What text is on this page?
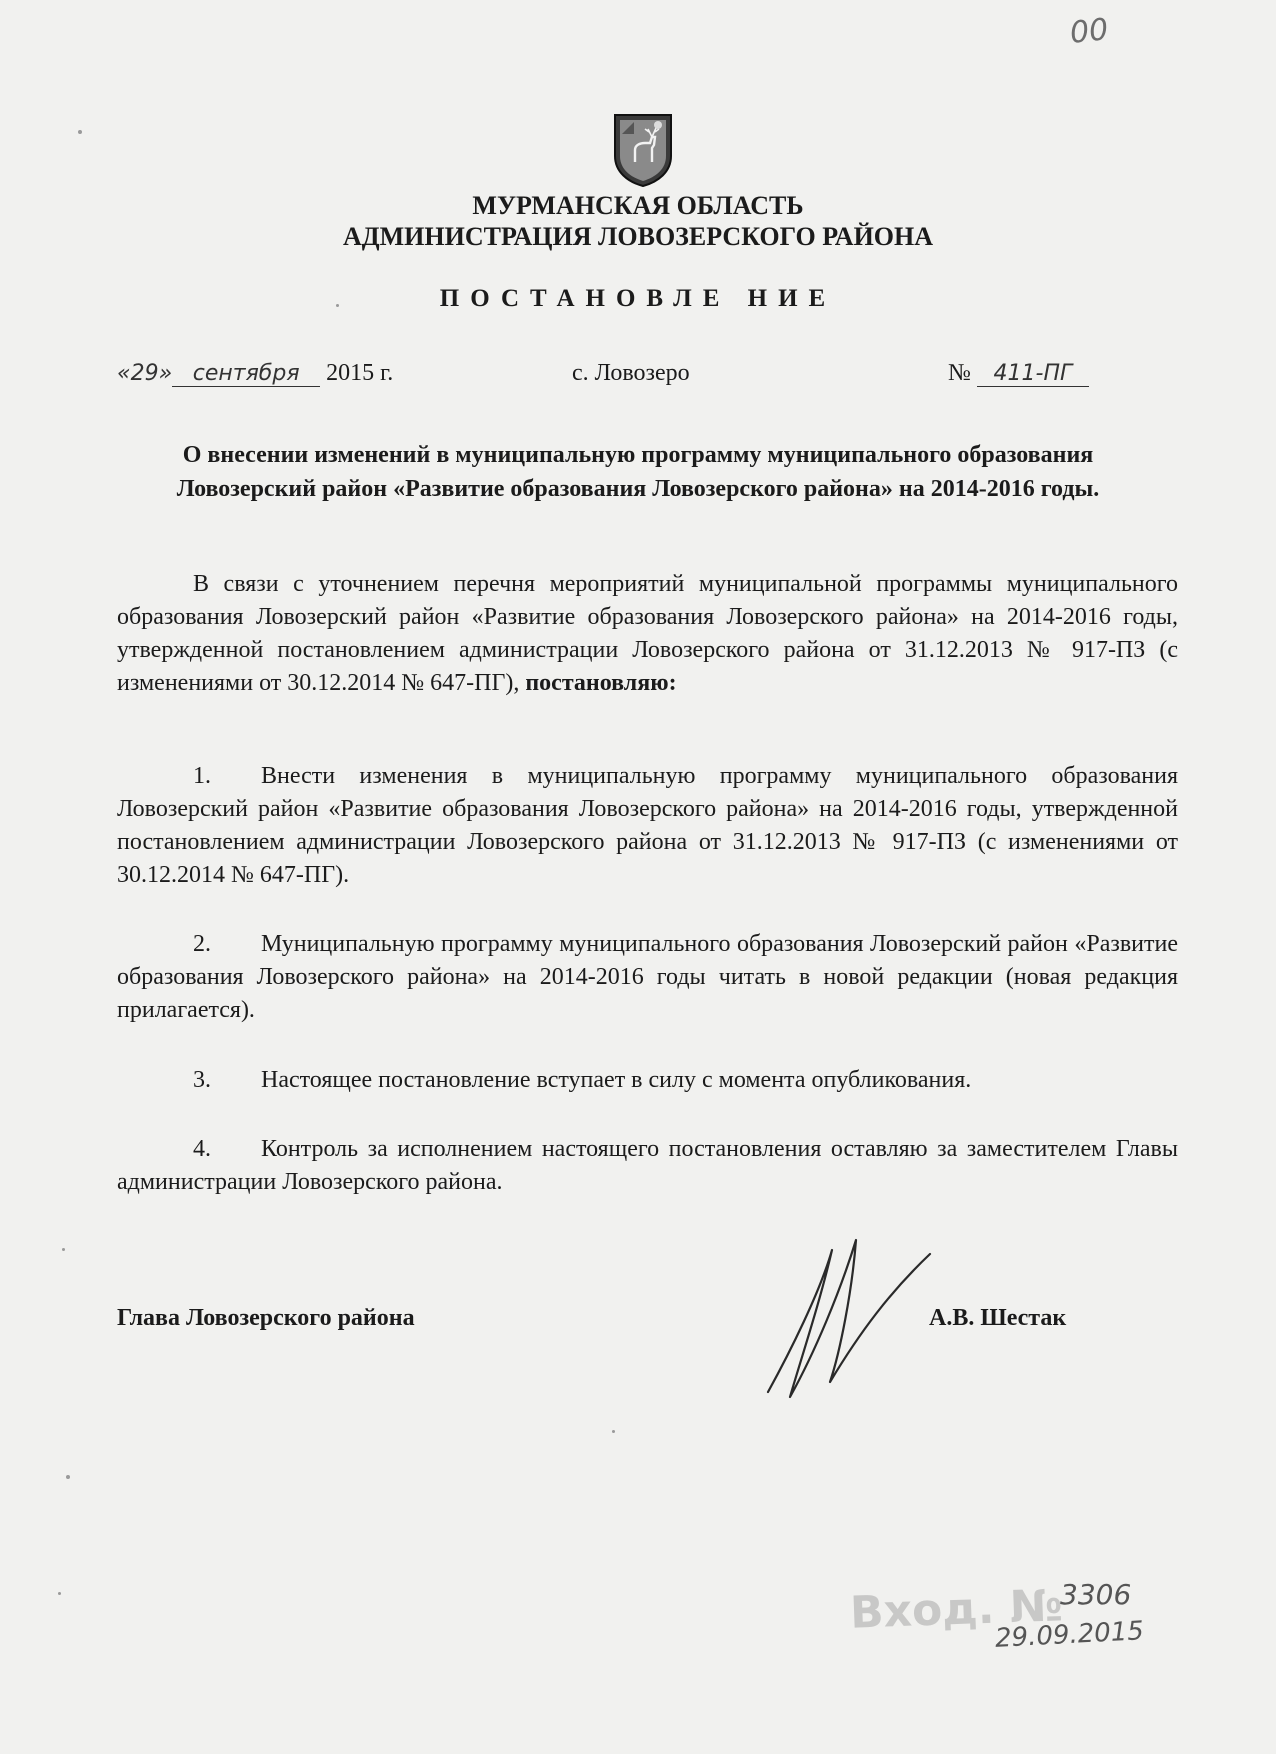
00

МУРМАНСКАЯ ОБЛАСТЬ

АДМИНИСТРАЦИЯ ЛОВОЗЕРСКОГО РАЙОНА

ПОСТАНОВЛЕ НИЕ

«29» сентября 2015 г.	с. Ловозеро	№ 411-ПГ

О внесении изменений в муниципальную программу муниципального образования Ловозерский район «Развитие образования Ловозерского района» на 2014-2016 годы.

В связи с уточнением перечня мероприятий муниципальной программы муниципального образования Ловозерский район «Развитие образования Ловозерского района» на 2014-2016 годы, утвержденной постановлением администрации Ловозерского района от 31.12.2013 № 917-ПЗ (с изменениями от 30.12.2014 № 647-ПГ), постановляю:

1. Внести изменения в муниципальную программу муниципального образования Ловозерский район «Развитие образования Ловозерского района» на 2014-2016 годы, утвержденной постановлением администрации Ловозерского района от 31.12.2013 № 917-ПЗ (с изменениями от 30.12.2014 № 647-ПГ).

2. Муниципальную программу муниципального образования Ловозерский район «Развитие образования Ловозерского района» на 2014-2016 годы читать в новой редакции (новая редакция прилагается).

3. Настоящее постановление вступает в силу с момента опубликования.

4. Контроль за исполнением настоящего постановления оставляю за заместителем Главы администрации Ловозерского района.

Глава Ловозерского района	А.В. Шестак
Вход. №
3306
29.09.2015
